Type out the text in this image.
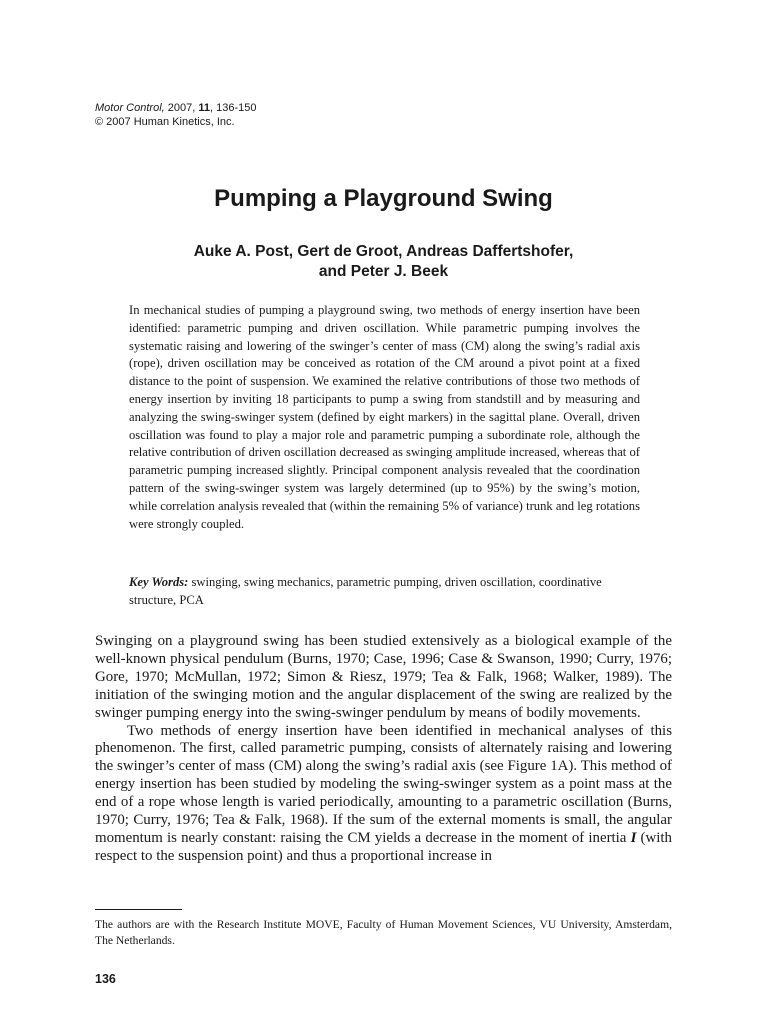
Motor Control, 2007, 11, 136-150
© 2007 Human Kinetics, Inc.
Pumping a Playground Swing
Auke A. Post, Gert de Groot, Andreas Daffertshofer,
and Peter J. Beek

In mechanical studies of pumping a playground swing, two methods of energy insertion have been identified: parametric pumping and driven oscillation. While parametric pumping involves the systematic raising and lowering of the swinger’s center of mass (CM) along the swing’s radial axis (rope), driven oscillation may be conceived as rotation of the CM around a pivot point at a fixed distance to the point of suspension. We examined the relative contributions of those two methods of energy insertion by inviting 18 participants to pump a swing from standstill and by measuring and analyzing the swing-swinger system (defined by eight markers) in the sagittal plane. Overall, driven oscillation was found to play a major role and parametric pumping a subordinate role, although the relative contribution of driven oscillation decreased as swinging amplitude increased, whereas that of parametric pumping increased slightly. Principal component analysis revealed that the coordination pattern of the swing-swinger system was largely determined (up to 95%) by the swing’s motion, while correlation analysis revealed that (within the remaining 5% of variance) trunk and leg rotations were strongly coupled.

Key Words: swinging, swing mechanics, parametric pumping, driven oscillation, coordinative structure, PCA

Swinging on a playground swing has been studied extensively as a biological example of the well-known physical pendulum (Burns, 1970; Case, 1996; Case & Swanson, 1990; Curry, 1976; Gore, 1970; McMullan, 1972; Simon & Riesz, 1979; Tea & Falk, 1968; Walker, 1989). The initiation of the swinging motion and the angular displacement of the swing are realized by the swinger pumping energy into the swing-swinger pendulum by means of bodily movements.

Two methods of energy insertion have been identified in mechanical analyses of this phenomenon. The first, called parametric pumping, consists of alternately raising and lowering the swinger’s center of mass (CM) along the swing’s radial axis (see Figure 1A). This method of energy insertion has been studied by modeling the swing-swinger system as a point mass at the end of a rope whose length is varied periodically, amounting to a parametric oscillation (Burns, 1970; Curry, 1976; Tea & Falk, 1968). If the sum of the external moments is small, the angular momentum is nearly constant: raising the CM yields a decrease in the moment of inertia I (with respect to the suspension point) and thus a proportional increase in

The authors are with the Research Institute MOVE, Faculty of Human Movement Sciences, VU University, Amsterdam, The Netherlands.

136
